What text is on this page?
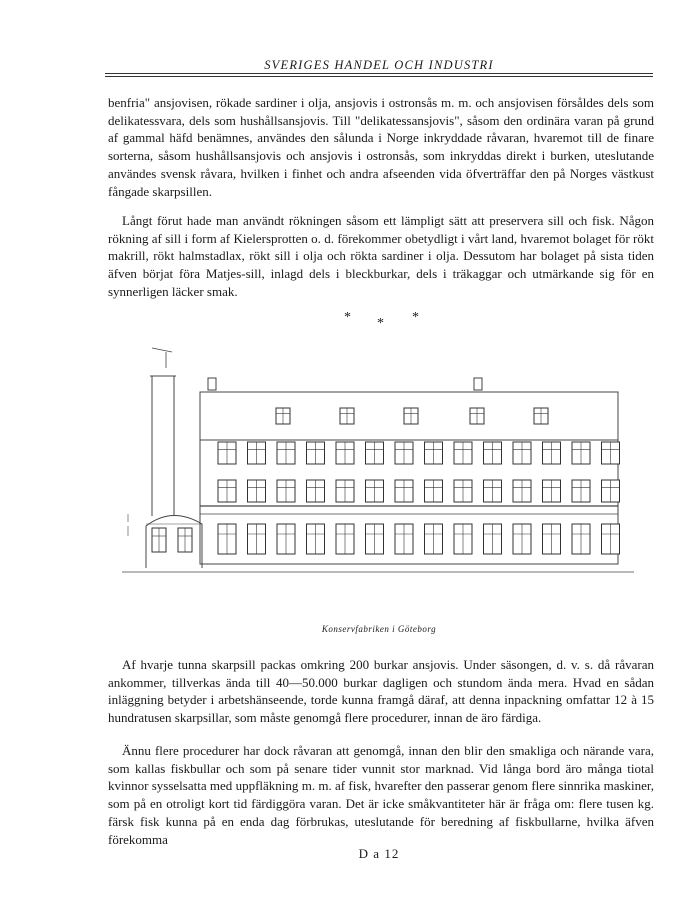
SVERIGES HANDEL OCH INDUSTRI

benfria" ansjovisen, rökade sardiner i olja, ansjovis i ostronsås m. m. och ansjovisen försåldes dels som delikatessvara, dels som hushållsansjovis. Till "delikatessansjovis", såsom den ordinära varan på grund af gammal häfd benämnes, användes den sålunda i Norge inkryddade råvaran, hvaremot till de finare sorterna, såsom hushållsansjovis och ansjovis i ostronsås, som inkryddas direkt i burken, uteslutande användes svensk råvara, hvilken i finhet och andra afseenden vida öfverträffar den på Norges västkust fångade skarpsillen.

Långt förut hade man användt rökningen såsom ett lämpligt sätt att preservera sill och fisk. Någon rökning af sill i form af Kielersprotten o. d. förekommer obetydligt i vårt land, hvaremot bolaget för rökt makrill, rökt halmstadlax, rökt sill i olja och rökta sardiner i olja. Dessutom har bolaget på sista tiden äfven börjat föra Matjes-sill, inlagd dels i bleckburkar, dels i träkaggar och utmärkande sig för en synnerligen läcker smak.

* * *
Konservfabriken i Göteborg

Af hvarje tunna skarpsill packas omkring 200 burkar ansjovis. Under säsongen, d. v. s. då råvaran ankommer, tillverkas ända till 40—50.000 burkar dagligen och stundom ända mera. Hvad en sådan inläggning betyder i arbetshänseende, torde kunna framgå däraf, att denna inpackning omfattar 12 à 15 hundratusen skarpsillar, som måste genomgå flere procedurer, innan de äro färdiga.

Ännu flere procedurer har dock råvaran att genomgå, innan den blir den smakliga och närande vara, som kallas fiskbullar och som på senare tider vunnit stor marknad. Vid långa bord äro många tiotal kvinnor sysselsatta med uppfläkning m. m. af fisk, hvarefter den passerar genom flere sinnrika maskiner, som på en otroligt kort tid färdiggöra varan. Det är icke småkvantiteter här är fråga om: flere tusen kg. färsk fisk kunna på en enda dag förbrukas, uteslutande för beredning af fiskbullarne, hvilka äfven förekomma

D a 12
